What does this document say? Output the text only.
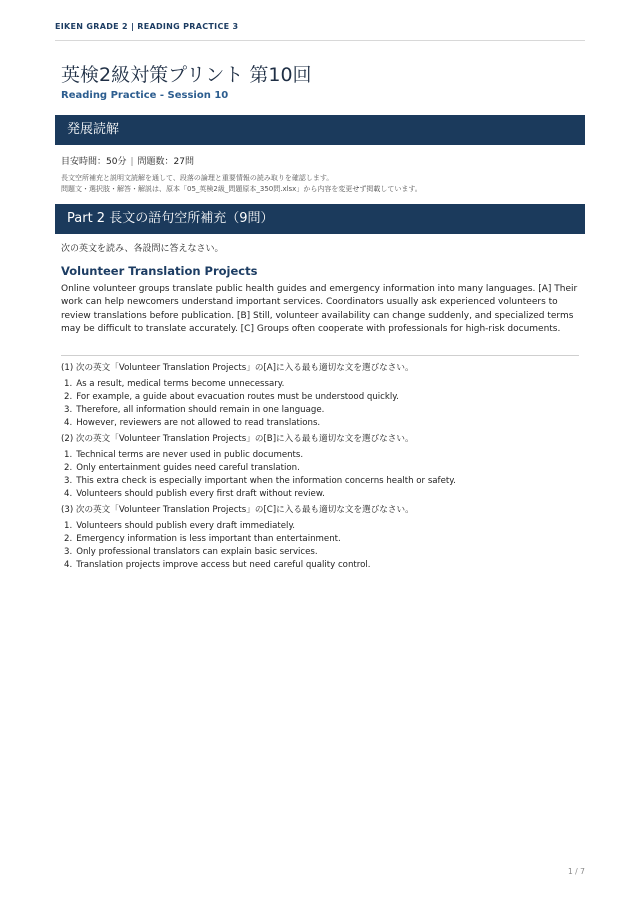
EIKEN GRADE 2 | READING PRACTICE 3
英検2級対策プリント 第10回
Reading Practice - Session 10
発展読解
目安時間：50分 | 問題数：27問
長文空所補充と説明文読解を通して、段落の論理と重要情報の読み取りを確認します。
問題文・選択肢・解答・解説は、原本「05_英検2級_問題原本_350問.xlsx」から内容を変更せず掲載しています。
Part 2 長文の語句空所補充（9問）
次の英文を読み、各設問に答えなさい。
Volunteer Translation Projects
Online volunteer groups translate public health guides and emergency information into many languages. [A] Their work can help newcomers understand important services. Coordinators usually ask experienced volunteers to review translations before publication. [B] Still, volunteer availability can change suddenly, and specialized terms may be difficult to translate accurately. [C] Groups often cooperate with professionals for high-risk documents.
(1) 次の英文「Volunteer Translation Projects」の[A]に入る最も適切な文を選びなさい。
1. As a result, medical terms become unnecessary.
2. For example, a guide about evacuation routes must be understood quickly.
3. Therefore, all information should remain in one language.
4. However, reviewers are not allowed to read translations.
(2) 次の英文「Volunteer Translation Projects」の[B]に入る最も適切な文を選びなさい。
1. Technical terms are never used in public documents.
2. Only entertainment guides need careful translation.
3. This extra check is especially important when the information concerns health or safety.
4. Volunteers should publish every first draft without review.
(3) 次の英文「Volunteer Translation Projects」の[C]に入る最も適切な文を選びなさい。
1. Volunteers should publish every draft immediately.
2. Emergency information is less important than entertainment.
3. Only professional translators can explain basic services.
4. Translation projects improve access but need careful quality control.
1 / 7
